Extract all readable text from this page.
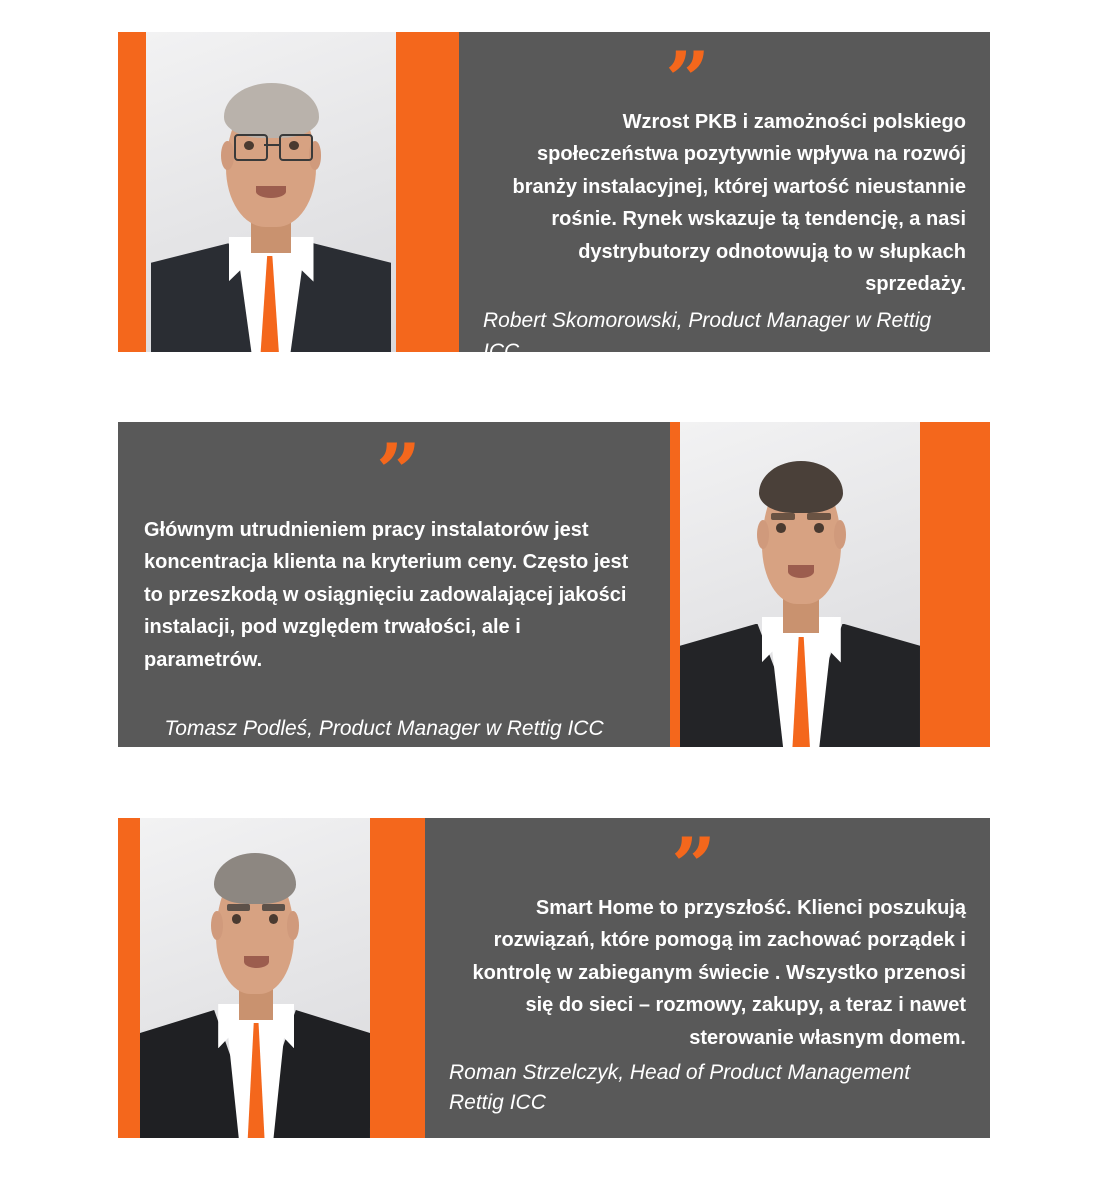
”
Wzrost PKB i zamożności polskiego społeczeństwa pozytywnie wpływa na rozwój branży instalacyjnej, której wartość nieustannie rośnie. Rynek wskazuje tą tendencję, a nasi dystrybutorzy odnotowują to w słupkach sprzedaży.
Robert Skomorowski, Product Manager w Rettig ICC
”
Głównym utrudnieniem pracy instalatorów jest koncentracja klienta na kryterium ceny. Często jest to przeszkodą w osiągnięciu zadowalającej jakości instalacji, pod względem trwałości, ale i parametrów.
Tomasz Podleś, Product Manager w Rettig ICC
”
Smart Home to przyszłość. Klienci poszukują rozwiązań, które pomogą im zachować porządek i kontrolę w zabieganym świecie . Wszystko przenosi się do sieci – rozmowy, zakupy, a teraz i nawet sterowanie własnym domem.
Roman Strzelczyk, Head of Product Management Rettig ICC
